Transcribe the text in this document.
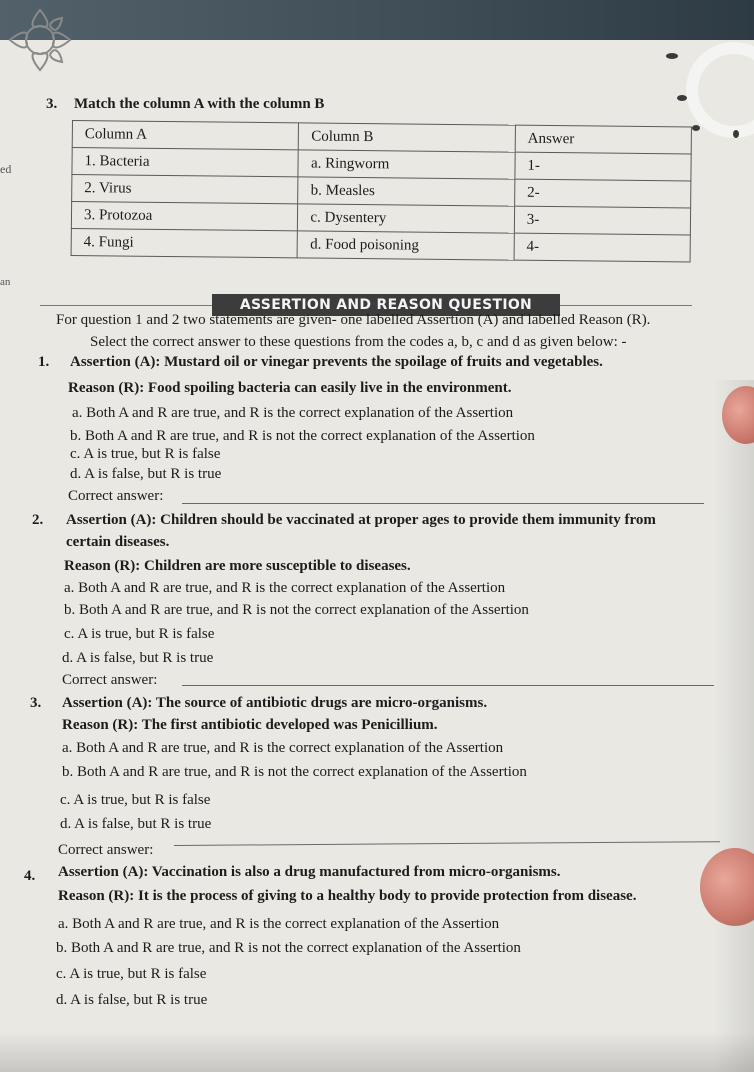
ed
an
3. Match the column A with the column B
Column A	Column B	Answer
1. Bacteria	a. Ringworm	1-
2. Virus	b. Measles	2-
3. Protozoa	c. Dysentery	3-
4. Fungi	d. Food poisoning	4-
ASSERTION AND REASON QUESTION
For question 1 and 2 two statements are given- one labelled Assertion (A) and labelled Reason (R).
Select the correct answer to these questions from the codes a, b, c and d as given below: -
1. Assertion (A): Mustard oil or vinegar prevents the spoilage of fruits and vegetables.
Reason (R): Food spoiling bacteria can easily live in the environment.
a. Both A and R are true, and R is the correct explanation of the Assertion
b. Both A and R are true, and R is not the correct explanation of the Assertion
c. A is true, but R is false
d. A is false, but R is true
Correct answer:
2. Assertion (A): Children should be vaccinated at proper ages to provide them immunity from
certain diseases.
Reason (R): Children are more susceptible to diseases.
a. Both A and R are true, and R is the correct explanation of the Assertion
b. Both A and R are true, and R is not the correct explanation of the Assertion
c. A is true, but R is false
d. A is false, but R is true
Correct answer:
3. Assertion (A): The source of antibiotic drugs are micro-organisms.
Reason (R): The first antibiotic developed was Penicillium.
a. Both A and R are true, and R is the correct explanation of the Assertion
b. Both A and R are true, and R is not the correct explanation of the Assertion
c. A is true, but R is false
d. A is false, but R is true
Correct answer:
4. Assertion (A): Vaccination is also a drug manufactured from micro-organisms.
Reason (R): It is the process of giving to a healthy body to provide protection from disease.
a. Both A and R are true, and R is the correct explanation of the Assertion
b. Both A and R are true, and R is not the correct explanation of the Assertion
c. A is true, but R is false
d. A is false, but R is true
